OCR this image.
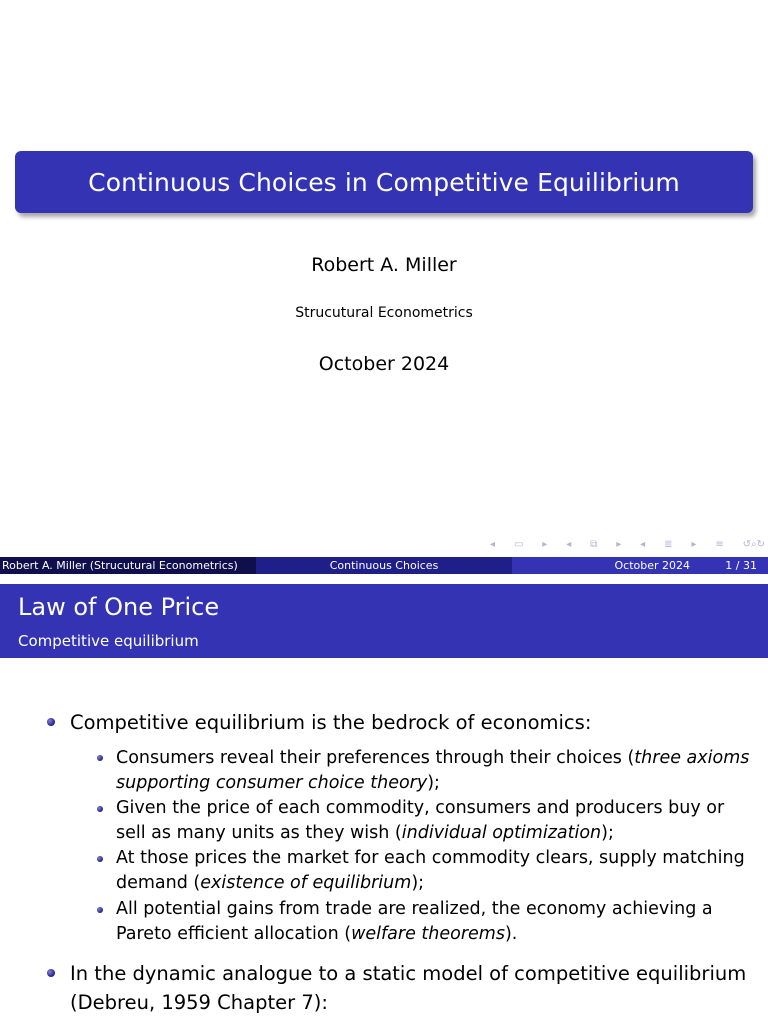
Continuous Choices in Competitive Equilibrium
Robert A. Miller
Strucutural Econometrics
October 2024
◂ ▭ ▸ ◂ ⧉ ▸ ◂ ≣ ▸ ≡ ↺⌕↻
Robert A. Miller (Strucutural Econometrics)	Continuous Choices	October 2024	1 / 31
Law of One Price
Competitive equilibrium
Competitive equilibrium is the bedrock of economics:
Consumers reveal their preferences through their choices (three axioms supporting consumer choice theory);
Given the price of each commodity, consumers and producers buy or sell as many units as they wish (individual optimization);
At those prices the market for each commodity clears, supply matching demand (existence of equilibrium);
All potential gains from trade are realized, the economy achieving a Pareto efficient allocation (welfare theorems).
In the dynamic analogue to a static model of competitive equilibrium (Debreu, 1959 Chapter 7):
